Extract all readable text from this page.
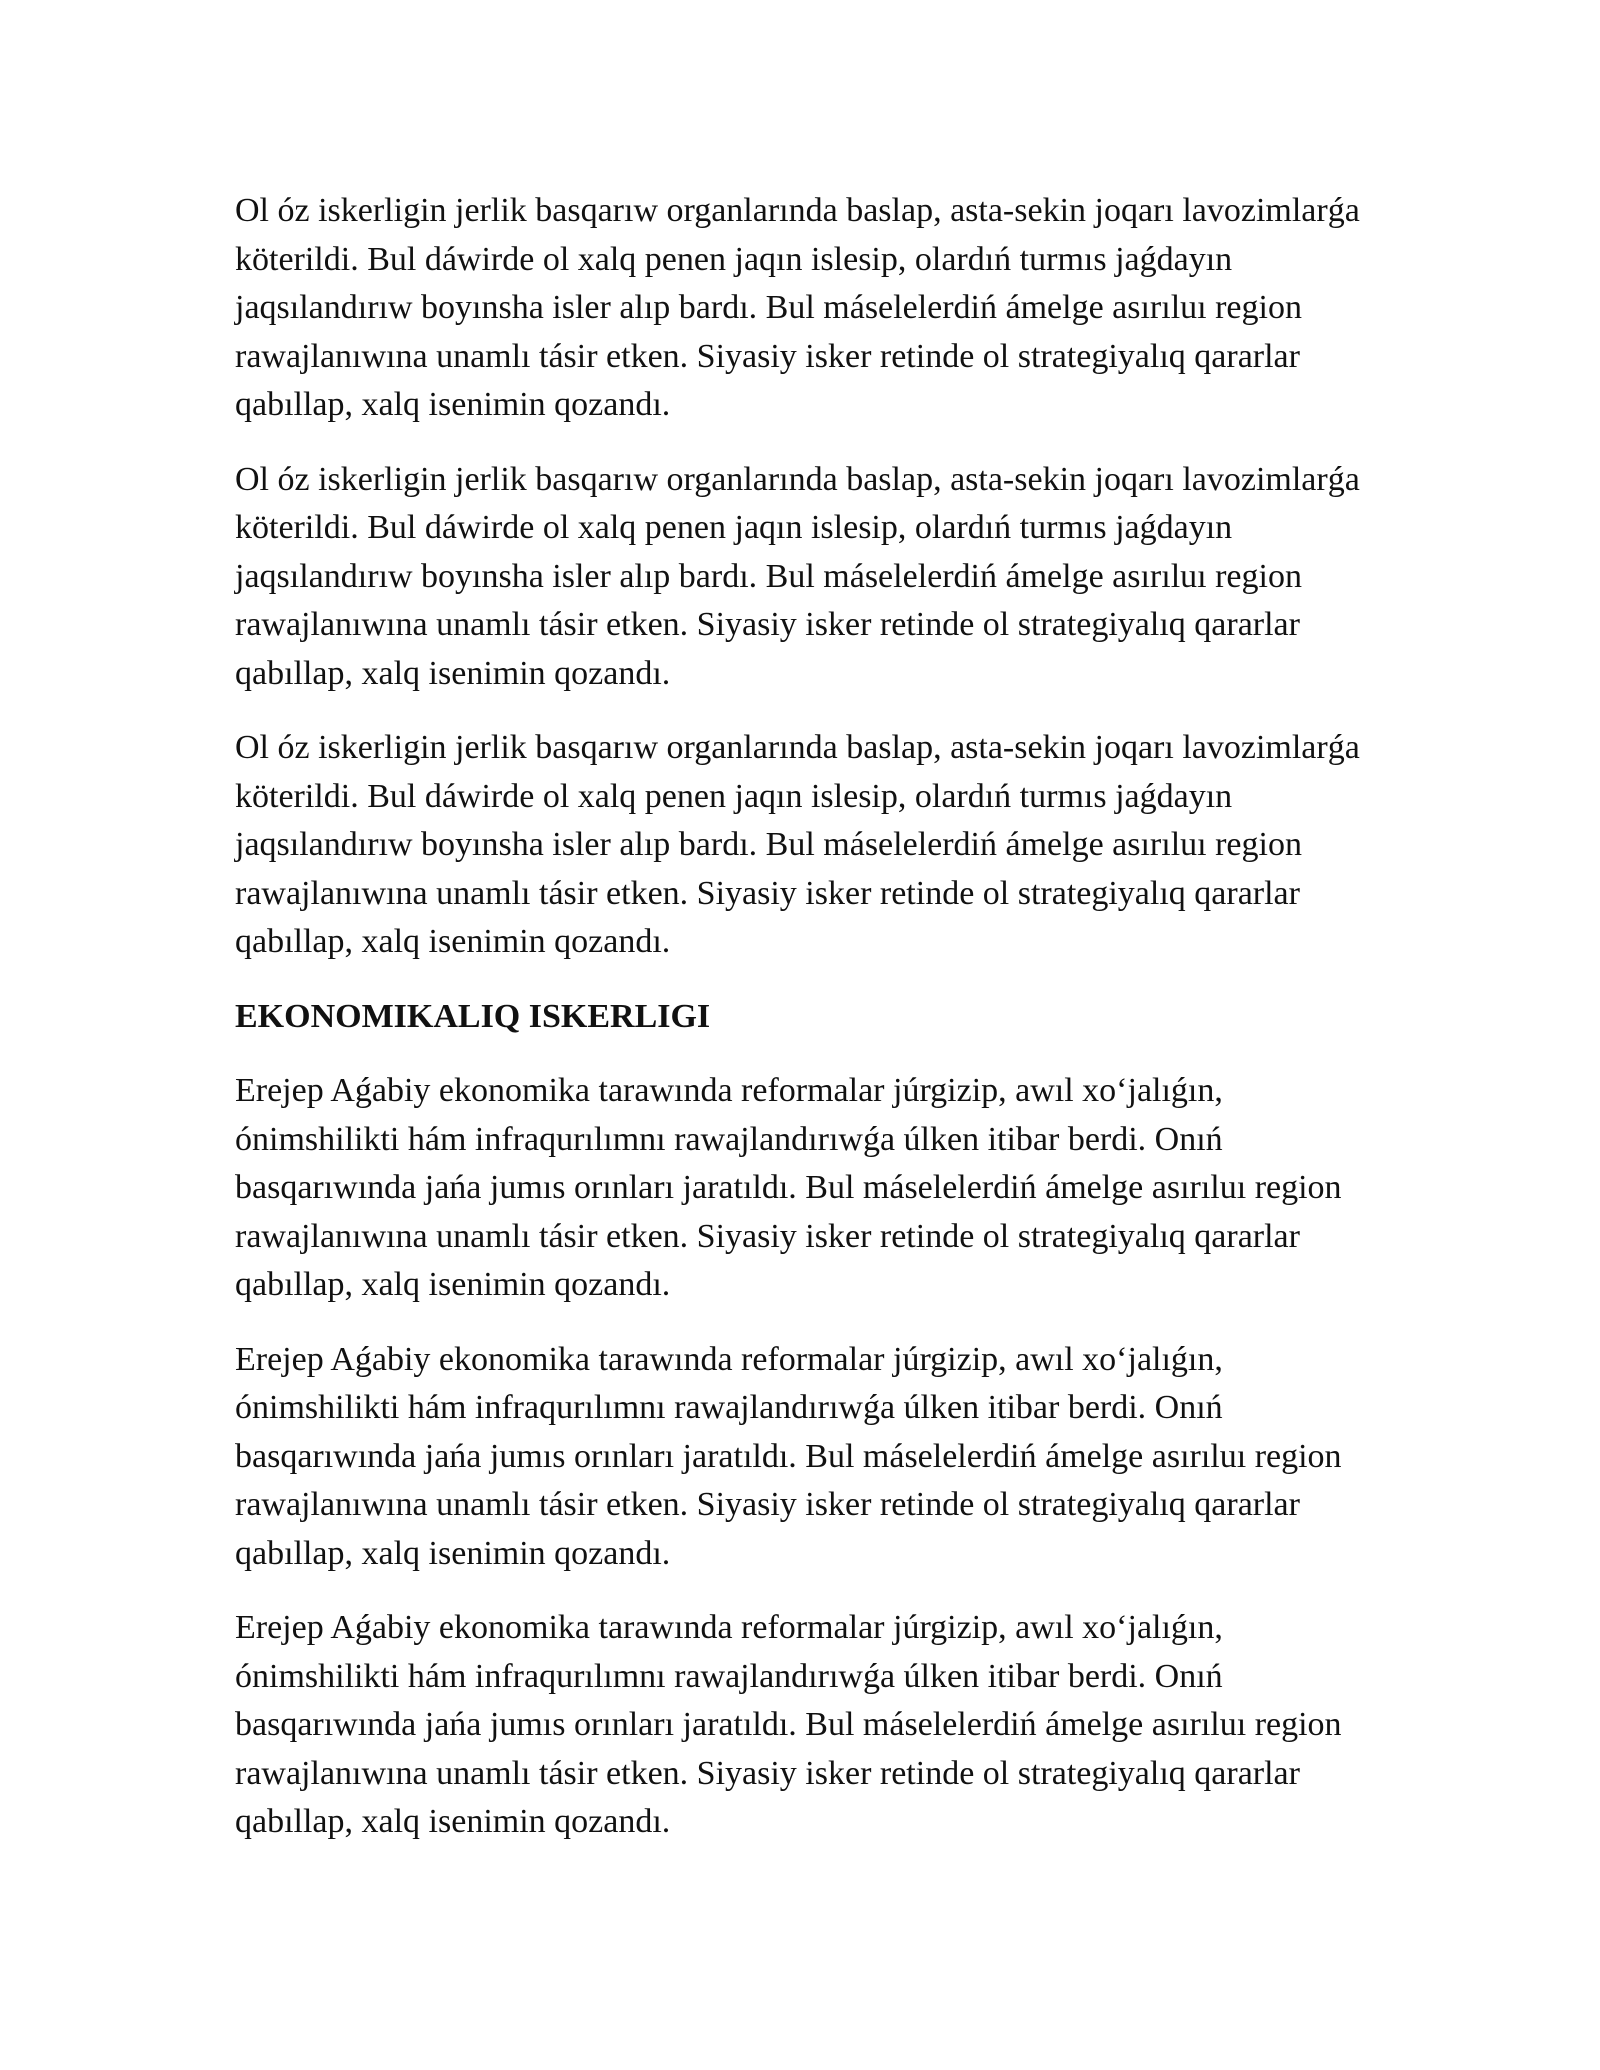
Ol óz iskerligin jerlik basqarıw organlarında baslap, asta-sekin joqarı lavozimlarǵa köterildi. Bul dáwirde ol xalq penen jaqın islesip, olardıń turmıs jaǵdayın jaqsılandırıw boyınsha isler alıp bardı. Bul máselelerdiń ámelge asırıluı region rawajlanıwına unamlı tásir etken. Siyasiy isker retinde ol strategiyalıq qararlar qabıllap, xalq isenimin qozandı.

Ol óz iskerligin jerlik basqarıw organlarında baslap, asta-sekin joqarı lavozimlarǵa köterildi. Bul dáwirde ol xalq penen jaqın islesip, olardıń turmıs jaǵdayın jaqsılandırıw boyınsha isler alıp bardı. Bul máselelerdiń ámelge asırıluı region rawajlanıwına unamlı tásir etken. Siyasiy isker retinde ol strategiyalıq qararlar qabıllap, xalq isenimin qozandı.

Ol óz iskerligin jerlik basqarıw organlarında baslap, asta-sekin joqarı lavozimlarǵa köterildi. Bul dáwirde ol xalq penen jaqın islesip, olardıń turmıs jaǵdayın jaqsılandırıw boyınsha isler alıp bardı. Bul máselelerdiń ámelge asırıluı region rawajlanıwına unamlı tásir etken. Siyasiy isker retinde ol strategiyalıq qararlar qabıllap, xalq isenimin qozandı.

EKONOMIKALIQ ISKERLIGI

Erejep Aǵabiy ekonomika tarawında reformalar júrgizip, awıl xo‘jalıǵın, ónimshilikti hám infraqurılımnı rawajlandırıwǵa úlken itibar berdi. Onıń basqarıwında jańa jumıs orınları jaratıldı. Bul máselelerdiń ámelge asırıluı region rawajlanıwına unamlı tásir etken. Siyasiy isker retinde ol strategiyalıq qararlar qabıllap, xalq isenimin qozandı.

Erejep Aǵabiy ekonomika tarawında reformalar júrgizip, awıl xo‘jalıǵın, ónimshilikti hám infraqurılımnı rawajlandırıwǵa úlken itibar berdi. Onıń basqarıwında jańa jumıs orınları jaratıldı. Bul máselelerdiń ámelge asırıluı region rawajlanıwına unamlı tásir etken. Siyasiy isker retinde ol strategiyalıq qararlar qabıllap, xalq isenimin qozandı.

Erejep Aǵabiy ekonomika tarawında reformalar júrgizip, awıl xo‘jalıǵın, ónimshilikti hám infraqurılımnı rawajlandırıwǵa úlken itibar berdi. Onıń basqarıwında jańa jumıs orınları jaratıldı. Bul máselelerdiń ámelge asırıluı region rawajlanıwına unamlı tásir etken. Siyasiy isker retinde ol strategiyalıq qararlar qabıllap, xalq isenimin qozandı.
